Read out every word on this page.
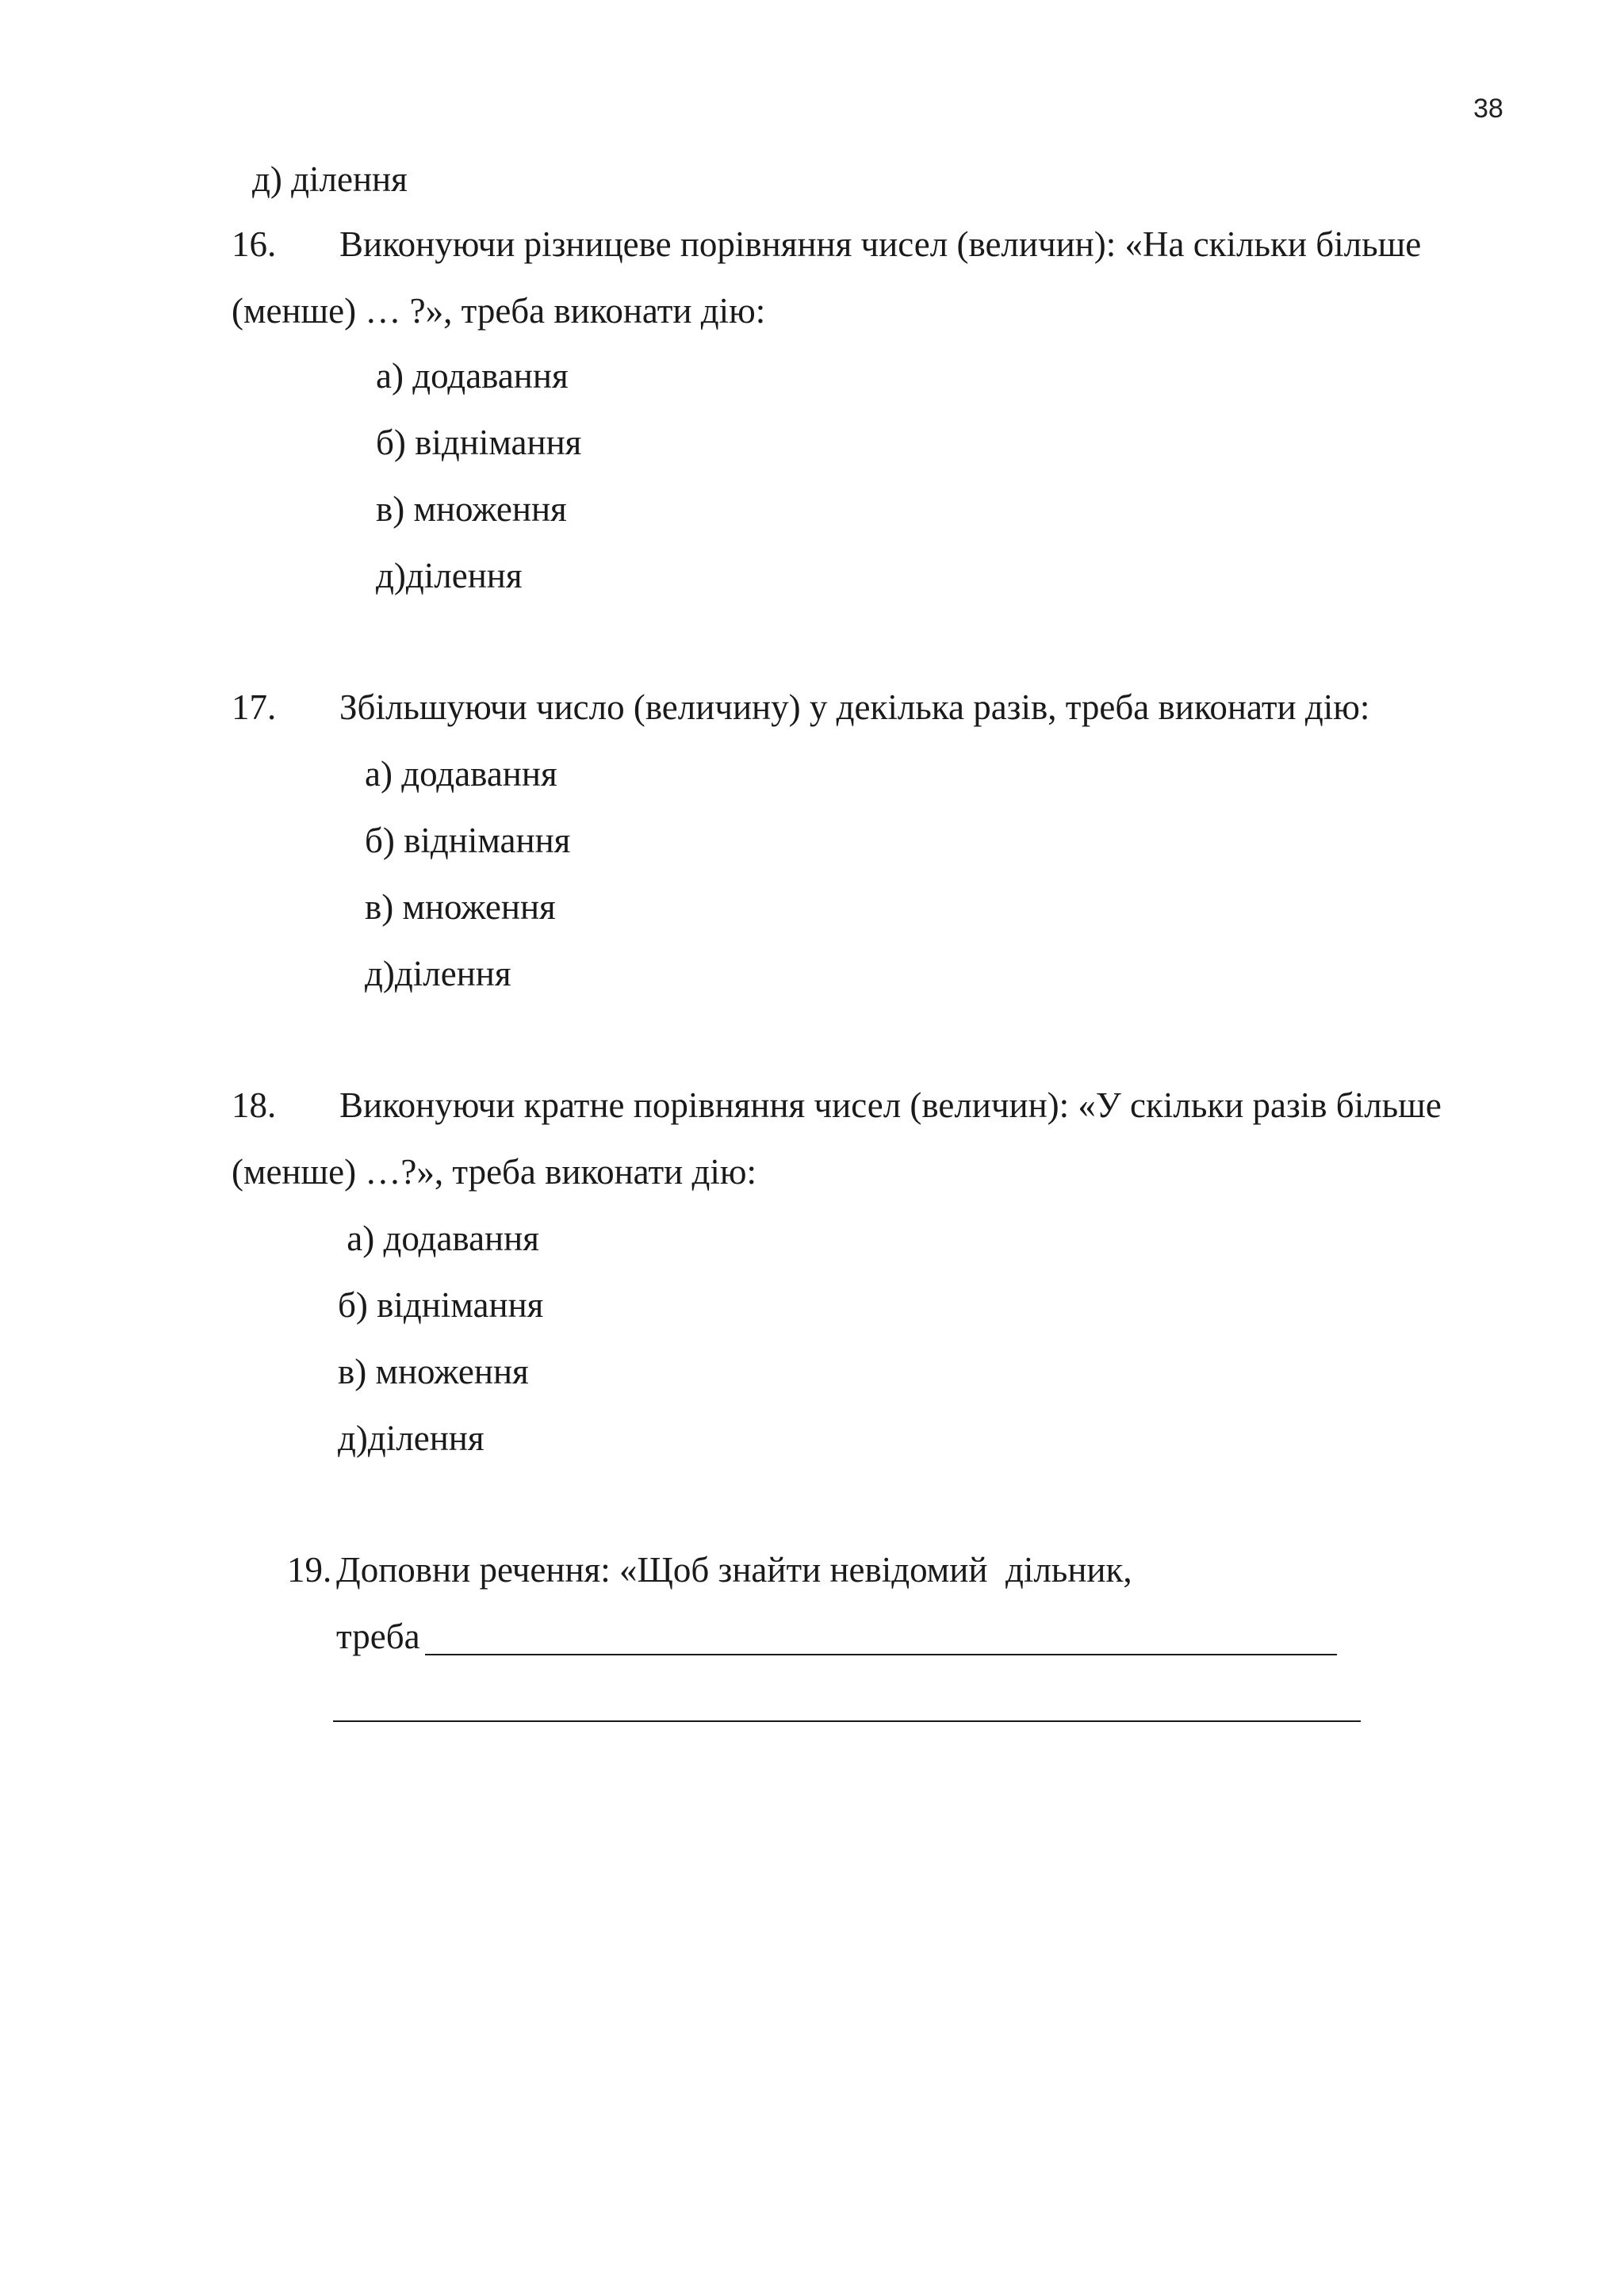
38
д) ділення
16. Виконуючи різницеве порівняння чисел (величин): «На скільки більше
(менше) … ?», треба виконати дію:
а) додавання
б) віднімання
в) множення
д)ділення
17. Збільшуючи число (величину) у декілька разів, треба виконати дію:
а) додавання
б) віднімання
в) множення
д)ділення
18. Виконуючи кратне порівняння чисел (величин): «У скільки разів більше
(менше) …?», треба виконати дію:
а) додавання
б) віднімання
в) множення
д)ділення
19. Доповни речення: «Щоб знайти невідомий  дільник,
треба
